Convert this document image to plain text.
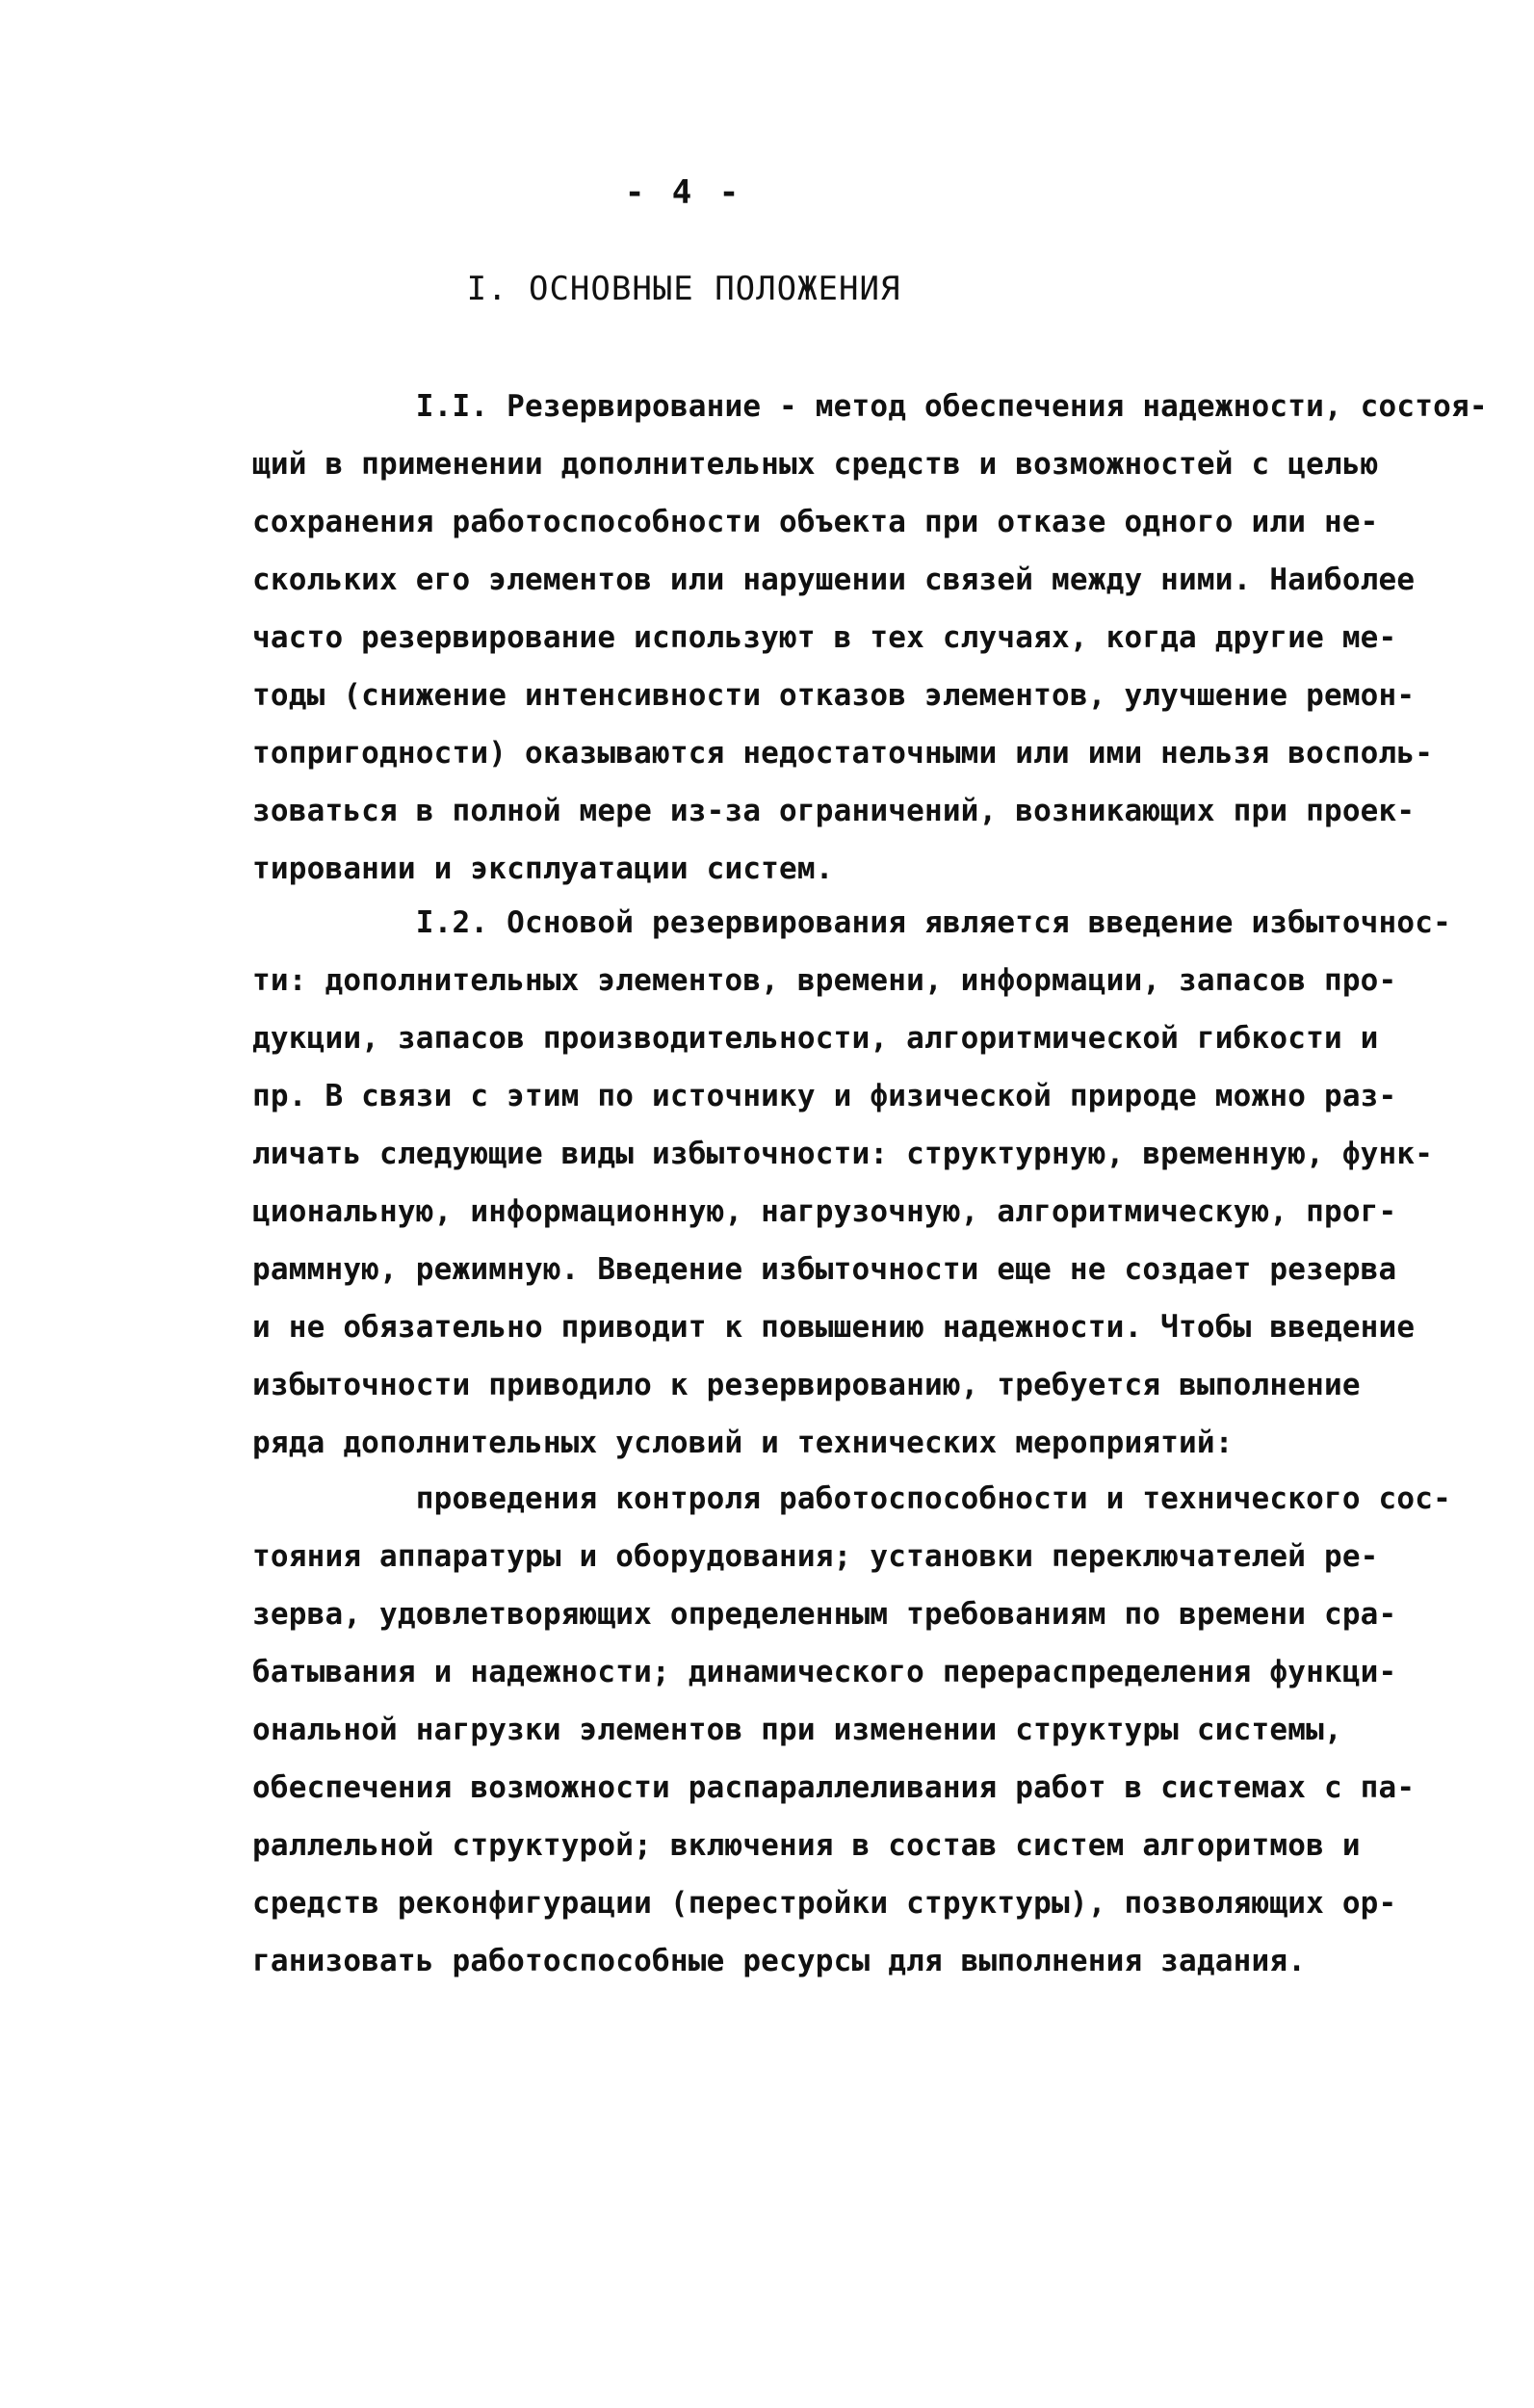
- 4 -
I. ОСНОВНЫЕ ПОЛОЖЕНИЯ

I.I. Резервирование - метод обеспечения надежности, состоя-

щий в применении дополнительных средств и возможностей с целью

сохранения работоспособности объекта при отказе одного или не-

скольких его элементов или нарушении связей между ними. Наиболее

часто резервирование используют в тех случаях, когда другие ме-

тоды (снижение интенсивности отказов элементов, улучшение ремон-

топригодности) оказываются недостаточными или ими нельзя восполь-

зоваться в полной мере из-за ограничений, возникающих при проек-

тировании и эксплуатации систем.

I.2. Основой резервирования является введение избыточнос-

ти: дополнительных элементов, времени, информации, запасов про-

дукции, запасов производительности, алгоритмической гибкости и

пр. В связи с этим по источнику и физической природе можно раз-

личать следующие виды избыточности: структурную, временную, функ-

циональную, информационную, нагрузочную, алгоритмическую, прог-

раммную, режимную. Введение избыточности еще не создает резерва

и не обязательно приводит к повышению надежности. Чтобы введение

избыточности приводило к резервированию, требуется выполнение

ряда дополнительных условий и технических мероприятий:

проведения контроля работоспособности и технического сос-

тояния аппаратуры и оборудования; установки переключателей ре-

зерва, удовлетворяющих определенным требованиям по времени сра-

батывания и надежности; динамического перераспределения функци-

ональной нагрузки элементов при изменении структуры системы,

обеспечения возможности распараллеливания работ в системах с па-

раллельной структурой; включения в состав систем алгоритмов и

средств реконфигурации (перестройки структуры), позволяющих ор-

ганизовать работоспособные ресурсы для выполнения задания.
